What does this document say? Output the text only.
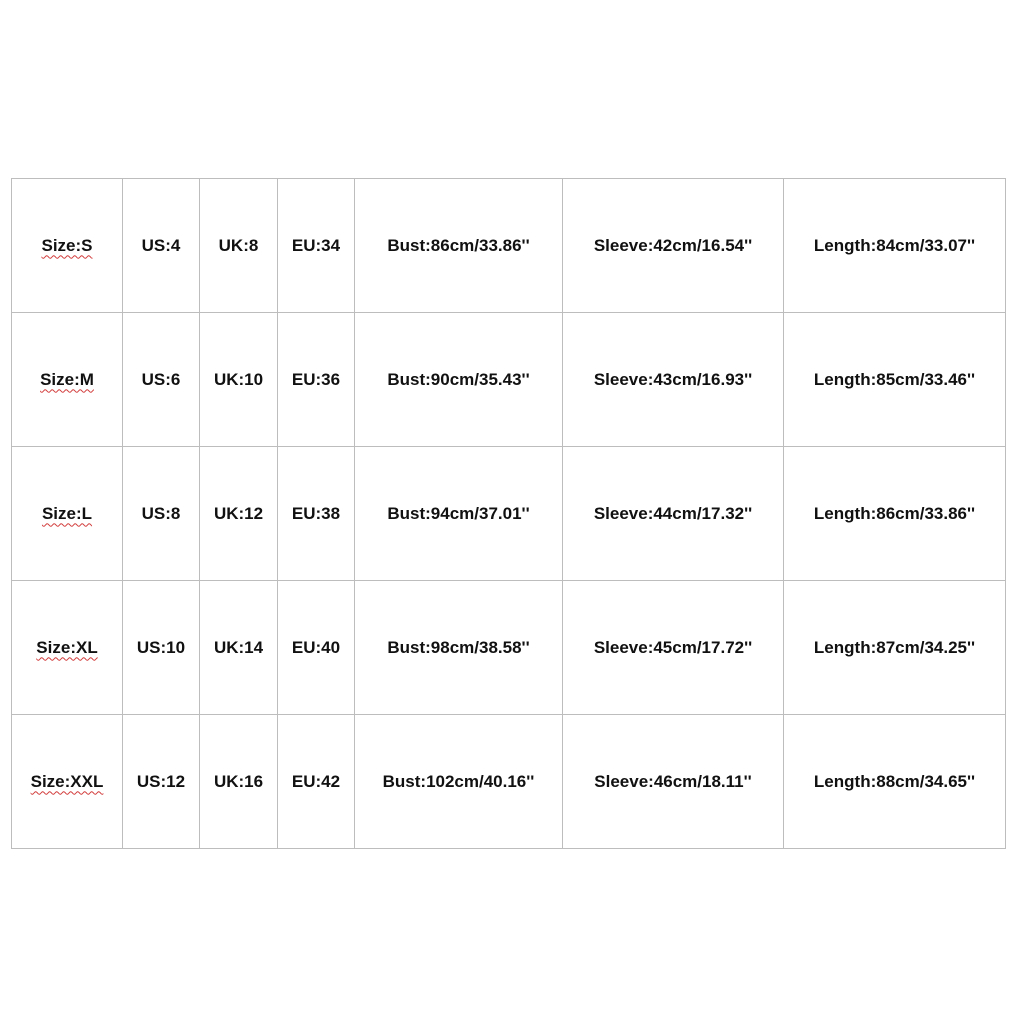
Size:S	US:4	UK:8	EU:34	Bust:86cm/33.86''	Sleeve:42cm/16.54''	Length:84cm/33.07''
Size:M	US:6	UK:10	EU:36	Bust:90cm/35.43''	Sleeve:43cm/16.93''	Length:85cm/33.46''
Size:L	US:8	UK:12	EU:38	Bust:94cm/37.01''	Sleeve:44cm/17.32''	Length:86cm/33.86''
Size:XL	US:10	UK:14	EU:40	Bust:98cm/38.58''	Sleeve:45cm/17.72''	Length:87cm/34.25''
Size:XXL	US:12	UK:16	EU:42	Bust:102cm/40.16''	Sleeve:46cm/18.11''	Length:88cm/34.65''
